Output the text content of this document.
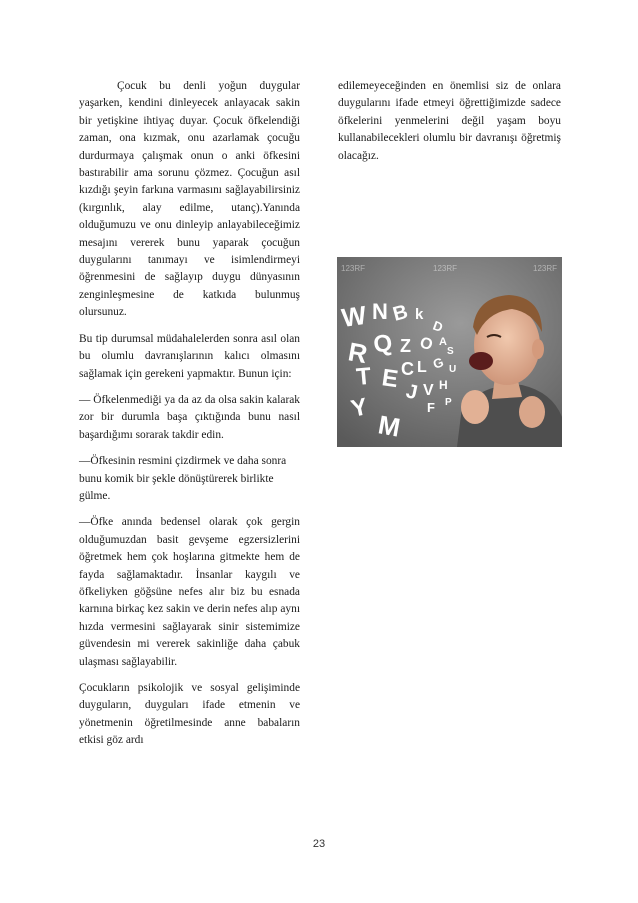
Çocuk bu denli yoğun duygular yaşarken, kendini dinleyecek anlayacak sakin bir yetişkine ihtiyaç duyar. Çocuk öfkelendiği zaman, ona kızmak, onu azarlamak çocuğu durdurmaya çalışmak onun o anki öfkesini bastırabilir ama sorunu çözmez. Çocuğun asıl kızdığı şeyin farkına varmasını sağlayabilirsiniz (kırgınlık, alay edilme, utanç).Yanında olduğumuzu ve onu dinleyip anlayabileceğimiz mesajını vererek bunu yaparak çocuğun duygularını tanımayı ve isimlendirmeyi öğrenmesini de sağlayıp duygu dünyasının zenginleşmesine de katkıda bulunmuş olursunuz.

Bu tip durumsal müdahalelerden sonra asıl olan bu olumlu davranışlarının kalıcı olmasını sağlamak için gerekeni yapmaktır. Bunun için:

— Öfkelenmediği ya da az da olsa sakin kalarak zor bir durumla başa çıktığında bunu nasıl başardığımı sorarak takdir edin.

—Öfkesinin resmini çizdirmek ve daha sonra bunu komik bir şekle dönüştürerek birlikte gülme.

—Öfke anında bedensel olarak çok gergin olduğumuzdan basit gevşeme egzersizlerini öğretmek hem çok hoşlarına gitmekte hem de fayda sağlamaktadır. İnsanlar kaygılı ve öfkeliyken göğsüne nefes alır biz bu esnada karnına birkaç kez sakin ve derin nefes alıp aynı hızda vermesini sağlayarak sinir sistemimize güvendesin mi vererek sakinliğe daha çabuk ulaşması sağlayabilir.

Çocukların psikolojik ve sosyal gelişiminde duyguların, duyguları ifade etmenin ve yönetmenin öğretilmesinde anne babaların etkisi göz ardı

edilemeyeceğinden en önemlisi siz de onlara duygularını ifade etmeyi öğrettiğimizde sadece öfkelerini yenmelerini değil yaşam boyu kullanabilecekleri olumlu bir davranışı öğretmiş olacağız.

W N B k
D
R Q Z O A
S
T E C L G U
J V H
Y
M
F P
123RF	123RF
123RF
23
